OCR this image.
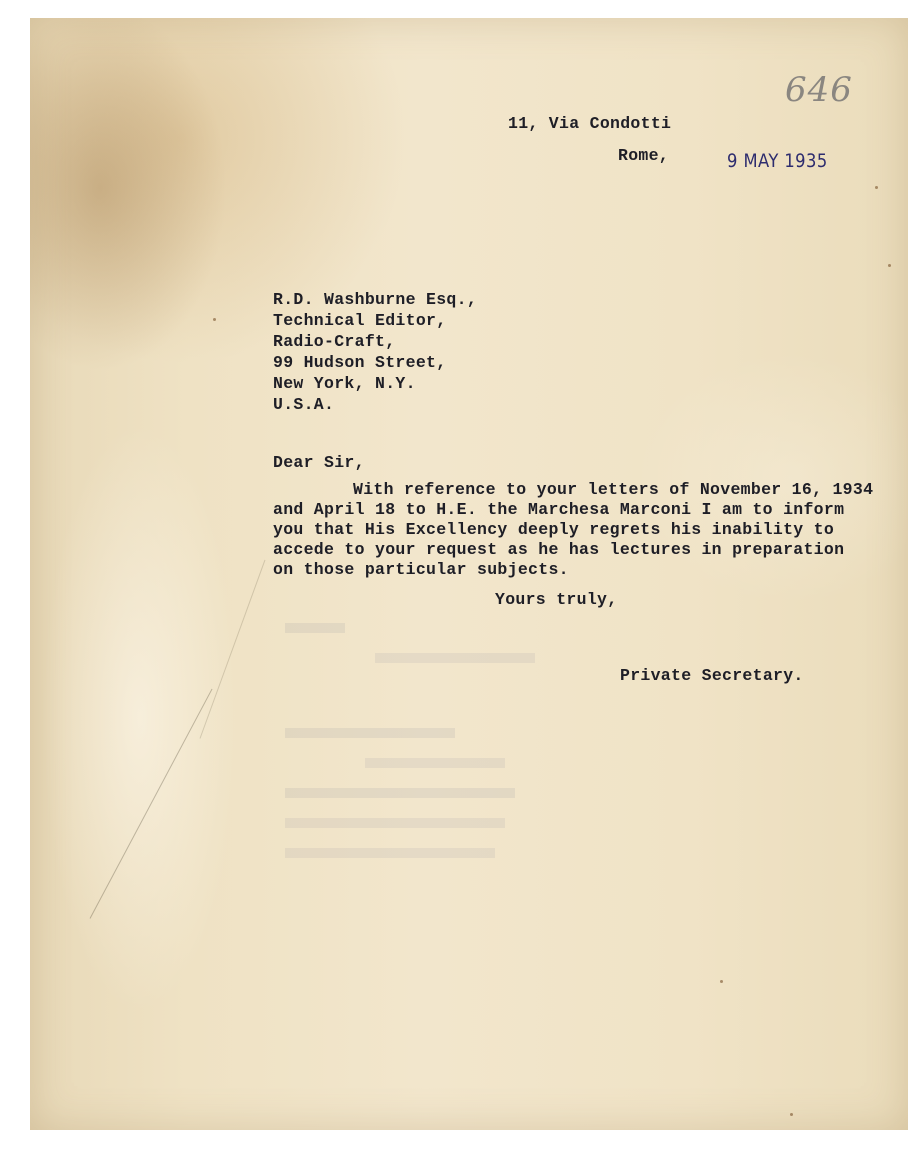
646
11, Via Condotti
Rome,	9 MAY 1935
R.D. Washburne Esq.,
Technical Editor,
Radio-Craft,
99 Hudson Street,
New York, N.Y.
U.S.A.
Dear Sir,
With reference to your letters of November 16, 1934
and April 18 to H.E. the Marchesa Marconi I am to inform
you that His Excellency deeply regrets his inability to
accede to your request as he has lectures in preparation
on those particular subjects.
Yours truly,
Private Secretary.
